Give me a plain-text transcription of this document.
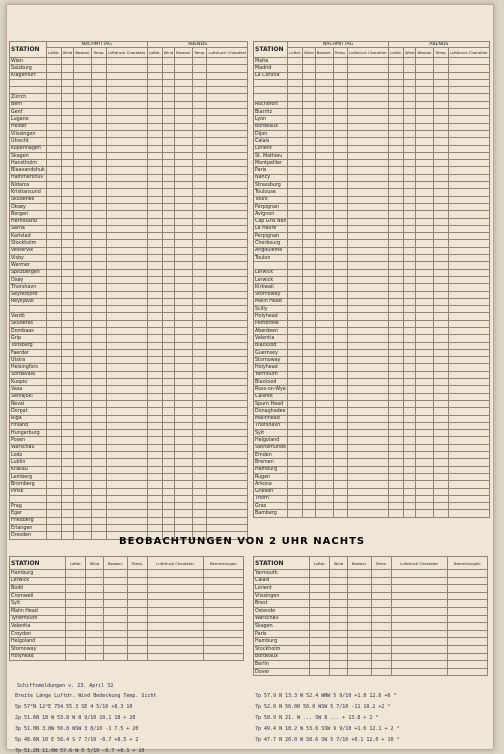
STATION	NACHMITTAG					ABENDS				
	Luftdr.	Wind	Bewoel.	Temp.	Luftdruck Charakter	Luftdr.	Wind	Bewoel.	Temp.	Luftdruck Charakter
Wien										
Salzburg										
Klagenfurt										

Zürich										
Bern										
Genf										
Lugano										
Helder										
Vlissingen										
Utrecht										
Kopenhagen										
Skagen										
Hanstholm										
Blaavandshuk										
Hammershus										
Nidaros										
Kristiansund										
Skudenes										
Oksøy										
Bergen										
Hernösand										
Särna										
Karlstad										
Stockholm										
Vestervik										
Visby										
Wermer										
Spitzbergen										
Oxøy										
Thorshavn										
Seydisfjord										
Reykjavik										

Vardö										
Skuderes										
Dombaas										
Grip										
Tönsberg										
Faerder										
Utsira										
Helsingfors										
Sordavala										
Kuopio										
Vasa										
Seinajoki										
Reval										
Dorpat										
Riga										
Finland										
Hungerburg										
Posen										
Warschau										
Lodz										
Lublin										
Krakau										
Lemberg										
Bromberg										
Pinsk										

Prag										
Eger										
Friedberg										
Erlangen										
Dresden										
STATION	NACHMITTAG					ABENDS				
	Luftdr.	Wind	Bewoel.	Temp.	Luftdruck Charakter	Luftdr.	Wind	Bewoel.	Temp.	Luftdruck Charakter
Malta										
Madrid										
La Coruña										

Rochefort										
Biarritz										
Lyon										
Bordeaux										
Dijon										
Calais										
Lorient										
St. Mathieu										
Montpellier										
Paris										
Nancy										
Strassburg										
Toulouse										
Tours										
Perpignan										
Avignon										
Cap Gris Nez										
Le Havre										
Perpignan										
Cherbourg										
Angoulême										
Toulon										

Lerwick										
Lerwick										
Kirkwall										
Stornoway										
Malin Head										
Scilly										
Holyhead										
Pembroke										
Aberdeen										
Valentia										
Blacksod										
Guernsey										
Stornoway										
Holyhead										
Yarmouth										
Blacksod										
Ross-on-Wye										
Calshot										
Spurn Head										
Donaghadee										
Malinhead										
Thorshavn										
Sylt										
Helgoland										
Swinemünde										
Emden										
Bremen										
Hamburg										
Rugen										
Arkona										
Gnesen										
Thorn										
Graz										
Bamberg										
BEOBACHTUNGEN VON 2 UHR NACHTS
STATION	Luftdr.	Wind	Bewoel.	Temp.	Luftdruck Charakter	Bemerkungen
Hamburg						
Lerwick						
Bodö						
Cromwell						
Sylt						
Malin Head						
Tynemouth						
Valentia						
Croydon						
Helgoland						
Stornoway						
Holyhead						
STATION	Luftdr.	Wind	Bewoel.	Temp.	Luftdruck Charakter	Bemerkungen
Yarmouth						
Calais						
Lorient						
Vlissingen						
Brest						
Ostende						
Warschau						
Skagen						
Paris						
Hamburg						
Stockholm						
Bordeaux						
Berlin						
Dover						
Schiffsmeldungen v. 23. April 32
Breite Länge Luftdr. Wind Bedeckung Temp. Sicht
5p 57°N 12°E 754 55.3 SE 4 5/10 +8.3 10
2p 51.6N 18 W 53.8 W 8 9/10 10.1 18 + 20
3p 51.0N 3.8W 56.8 WSW 3 8/10 -1 7.5 + 20
5p 48.6N 10 E 58.4 S 7 7/10 -0.7 +8.5 + 2
7p 51.2N 11.6W 57.6 W 5 5/10 -0.7 +0.1 + 10
7p 57.9 N 13.3 W 52.4 WNW 5 9/10 +1.0 12.6 +6 °
7p 52.0 N 56.00 56.0 WSW 5 7/10 -11 10.2 +2 °
7p 50.9 N 21. W ... SW 8 ... + 13.8 + 2 °
7p 49.4 N 18.2 W 53.6 SSW 9 9/10 +1.6 12.1 + 2 °
7p 47.7 N 20.0 W 58.6 SW 5 7/10 +0.1 12.0 + 10 °
